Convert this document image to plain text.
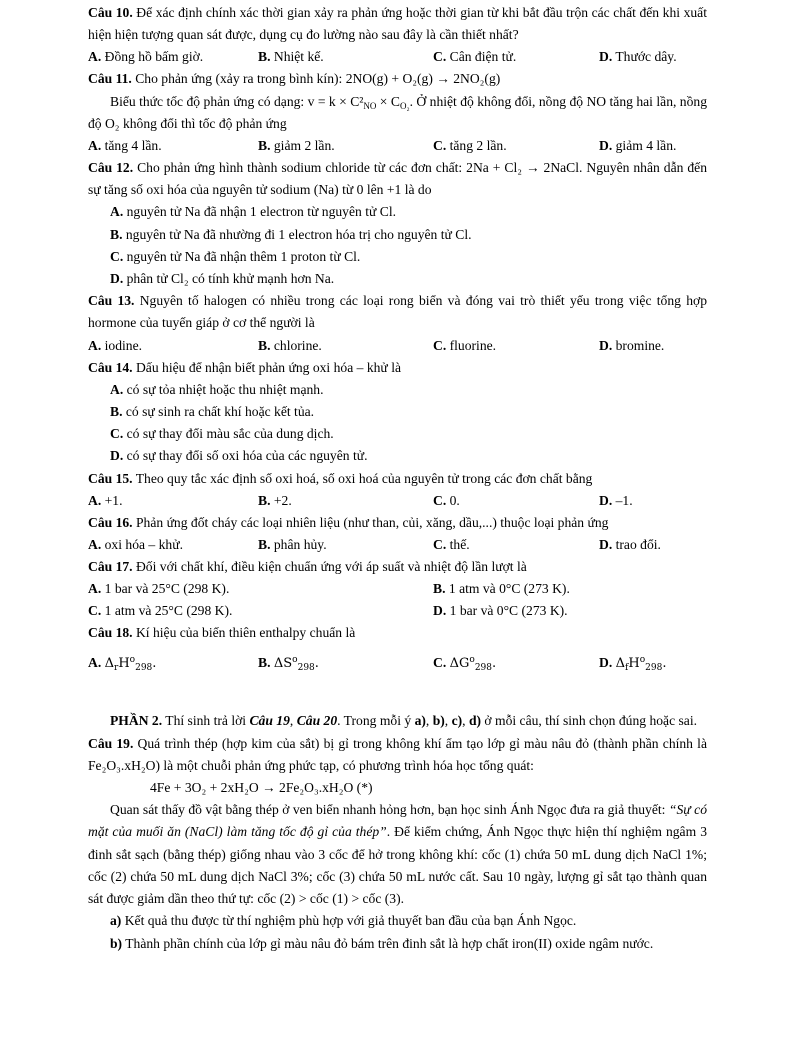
Câu 10. Để xác định chính xác thời gian xảy ra phản ứng hoặc thời gian từ khi bắt đầu trộn các chất đến khi xuất hiện hiện tượng quan sát được, dụng cụ đo lường nào sau đây là cần thiết nhất?

A. Đồng hồ bấm giờ.	B. Nhiệt kế.	C. Cân điện tử.	D. Thước dây.

Câu 11. Cho phản ứng (xảy ra trong bình kín): 2NO(g) + O₂(g) → 2NO₂(g)

Biểu thức tốc độ phản ứng có dạng: $v = k \times C^2_{NO} \times C_{O_2}$. Ở nhiệt độ không đổi, nồng độ NO tăng hai lần, nồng độ O₂ không đổi thì tốc độ phản ứng

A. tăng 4 lần.	B. giảm 2 lần.	C. tăng 2 lần.	D. giảm 4 lần.

Câu 12. Cho phản ứng hình thành sodium chloride từ các đơn chất: 2Na + Cl₂ → 2NaCl. Nguyên nhân dẫn đến sự tăng số oxi hóa của nguyên tử sodium (Na) từ 0 lên +1 là do

A. nguyên tử Na đã nhận 1 electron từ nguyên tử Cl.

B. nguyên tử Na đã nhường đi 1 electron hóa trị cho nguyên tử Cl.

C. nguyên tử Na đã nhận thêm 1 proton từ Cl.

D. phân tử Cl₂ có tính khử mạnh hơn Na.

Câu 13. Nguyên tố halogen có nhiều trong các loại rong biển và đóng vai trò thiết yếu trong việc tổng hợp hormone của tuyến giáp ở cơ thể người là

A. iodine.	B. chlorine.	C. fluorine.	D. bromine.

Câu 14. Dấu hiệu để nhận biết phản ứng oxi hóa – khử là

A. có sự tỏa nhiệt hoặc thu nhiệt mạnh.

B. có sự sinh ra chất khí hoặc kết tủa.

C. có sự thay đổi màu sắc của dung dịch.

D. có sự thay đổi số oxi hóa của các nguyên tử.

Câu 15. Theo quy tắc xác định số oxi hoá, số oxi hoá của nguyên tử trong các đơn chất bằng

A. +1.	B. +2.	C. 0.	D. –1.

Câu 16. Phản ứng đốt cháy các loại nhiên liệu (như than, củi, xăng, dầu,...) thuộc loại phản ứng

A. oxi hóa – khử.	B. phân hủy.	C. thế.	D. trao đổi.

Câu 17. Đối với chất khí, điều kiện chuẩn ứng với áp suất và nhiệt độ lần lượt là

A. 1 bar và 25°C (298 K).	B. 1 atm và 0°C (273 K).
C. 1 atm và 25°C (298 K).	D. 1 bar và 0°C (273 K).

Câu 18. Kí hiệu của biến thiên enthalpy chuẩn là

A. $\Delta_rH^o_{298}$.	B. $\Delta S^o_{298}$.	C. $\Delta G^o_{298}$.	D. $\Delta_fH^o_{298}$.

PHẦN 2. Thí sinh trả lời Câu 19, Câu 20. Trong mỗi ý a), b), c), d) ở mỗi câu, thí sinh chọn đúng hoặc sai.

Câu 19. Quá trình thép (hợp kim của sắt) bị gỉ trong không khí ẩm tạo lớp gỉ màu nâu đỏ (thành phần chính là Fe₂O₃.xH₂O) là một chuỗi phản ứng phức tạp, có phương trình hóa học tổng quát:

4Fe + 3O₂ + 2xH₂O → 2Fe₂O₃.xH₂O (*)

Quan sát thấy đồ vật bằng thép ở ven biển nhanh hỏng hơn, bạn học sinh Ánh Ngọc đưa ra giả thuyết: “Sự có mặt của muối ăn (NaCl) làm tăng tốc độ gỉ của thép”. Để kiểm chứng, Ánh Ngọc thực hiện thí nghiệm ngâm 3 đinh sắt sạch (bằng thép) giống nhau vào 3 cốc để hở trong không khí: cốc (1) chứa 50 mL dung dịch NaCl 1%; cốc (2) chứa 50 mL dung dịch NaCl 3%; cốc (3) chứa 50 mL nước cất. Sau 10 ngày, lượng gỉ sắt tạo thành quan sát được giảm dần theo thứ tự: cốc (2) > cốc (1) > cốc (3).

a) Kết quả thu được từ thí nghiệm phù hợp với giả thuyết ban đầu của bạn Ánh Ngọc.

b) Thành phần chính của lớp gỉ màu nâu đỏ bám trên đinh sắt là hợp chất iron(II) oxide ngâm nước.
